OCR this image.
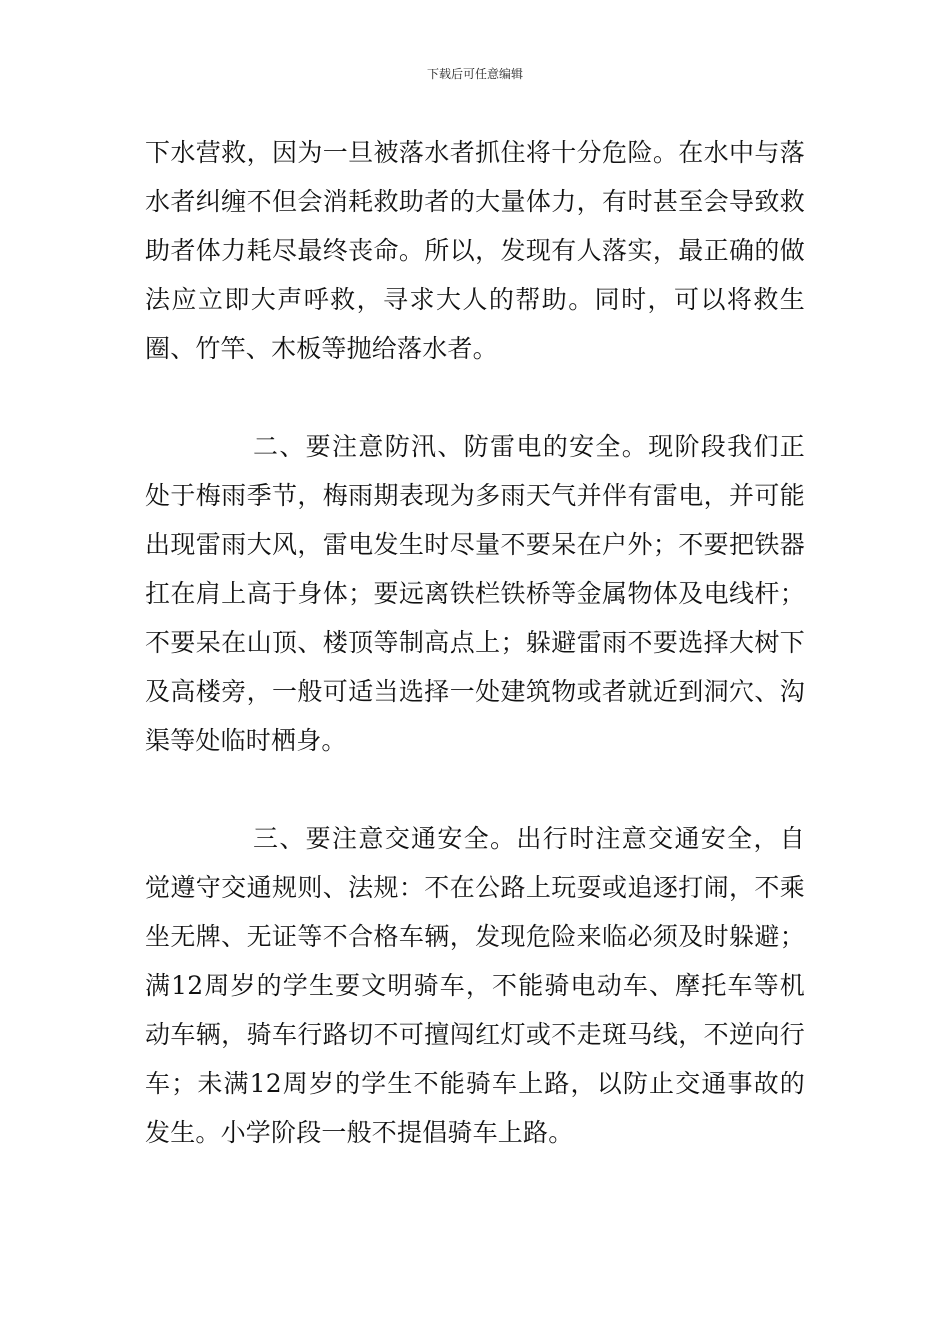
下载后可任意编辑

下水营救，因为一旦被落水者抓住将十分危险。在水中与落水者纠缠不但会消耗救助者的大量体力，有时甚至会导致救助者体力耗尽最终丧命。所以，发现有人落实，最正确的做法应立即大声呼救，寻求大人的帮助。同时，可以将救生圈、竹竿、木板等抛给落水者。

二、要注意防汛、防雷电的安全。现阶段我们正处于梅雨季节，梅雨期表现为多雨天气并伴有雷电，并可能出现雷雨大风，雷电发生时尽量不要呆在户外；不要把铁器扛在肩上高于身体；要远离铁栏铁桥等金属物体及电线杆；不要呆在山顶、楼顶等制高点上；躲避雷雨不要选择大树下及高楼旁，一般可适当选择一处建筑物或者就近到洞穴、沟渠等处临时栖身。

三、要注意交通安全。出行时注意交通安全，自觉遵守交通规则、法规：不在公路上玩耍或追逐打闹，不乘坐无牌、无证等不合格车辆，发现危险来临必须及时躲避；满12周岁的学生要文明骑车，不能骑电动车、摩托车等机动车辆，骑车行路切不可擅闯红灯或不走斑马线，不逆向行车；未满12周岁的学生不能骑车上路，以防止交通事故的发生。小学阶段一般不提倡骑车上路。
